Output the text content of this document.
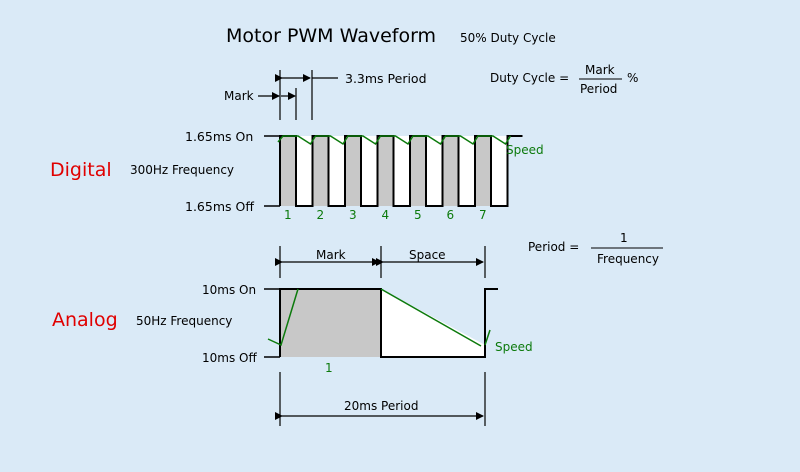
Motor PWM Waveform 50% Duty Cycle
Duty Cycle =
Mark
Period
%
Period =
1
Frequency
Digital 300Hz Frequency
1.65ms On
1.65ms Off
3.3ms Period
Mark
Speed
1 2 3 4 5 6 7
Analog 50Hz Frequency
10ms On
10ms Off
Mark	Space
Speed
1
20ms Period
